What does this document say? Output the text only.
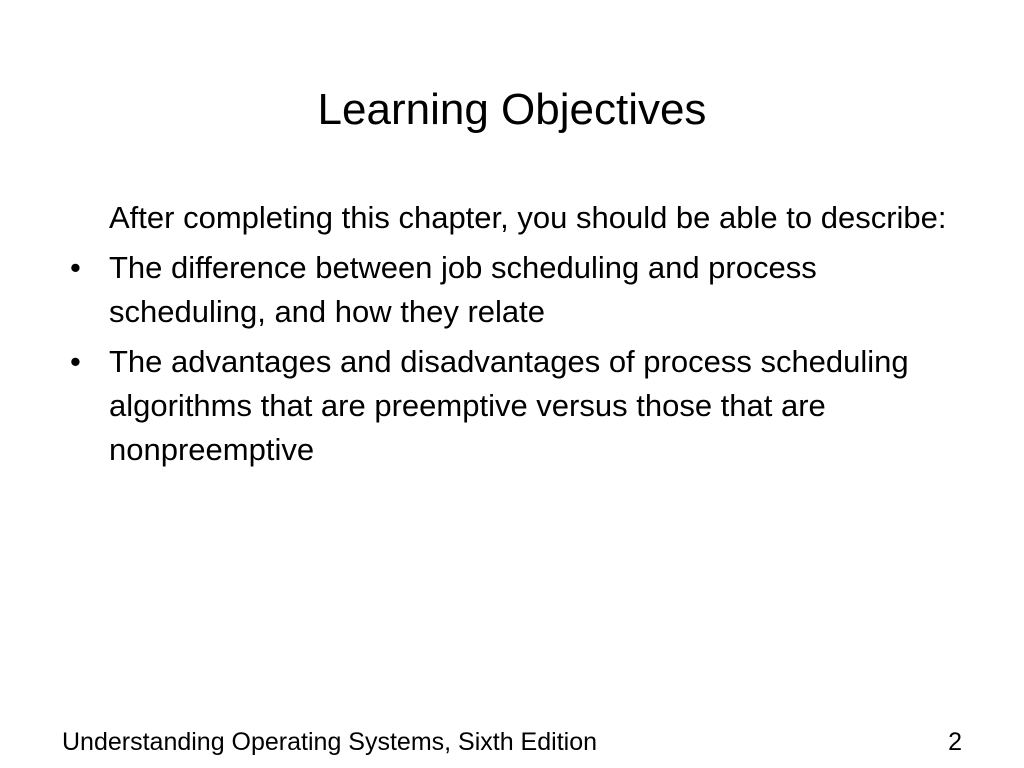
Learning Objectives

After completing this chapter, you should be able to describe:

• The difference between job scheduling and process scheduling, and how they relate
• The advantages and disadvantages of process scheduling algorithms that are preemptive versus those that are nonpreemptive
Understanding Operating Systems, Sixth Edition	2
